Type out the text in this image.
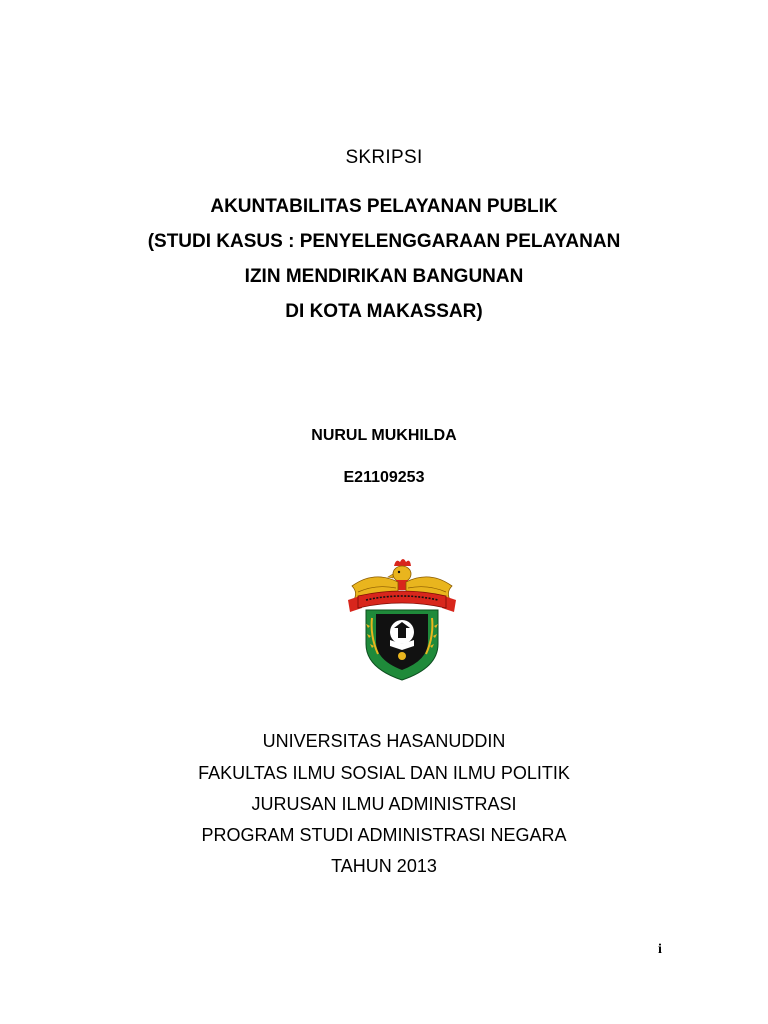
SKRIPSI
AKUNTABILITAS PELAYANAN PUBLIK
(STUDI KASUS : PENYELENGGARAAN PELAYANAN
IZIN MENDIRIKAN BANGUNAN
DI KOTA MAKASSAR)
NURUL MUKHILDA
E21109253
UNIVERSITAS HASANUDDIN
FAKULTAS ILMU SOSIAL DAN ILMU POLITIK
JURUSAN ILMU ADMINISTRASI
PROGRAM STUDI ADMINISTRASI NEGARA
TAHUN 2013
i
